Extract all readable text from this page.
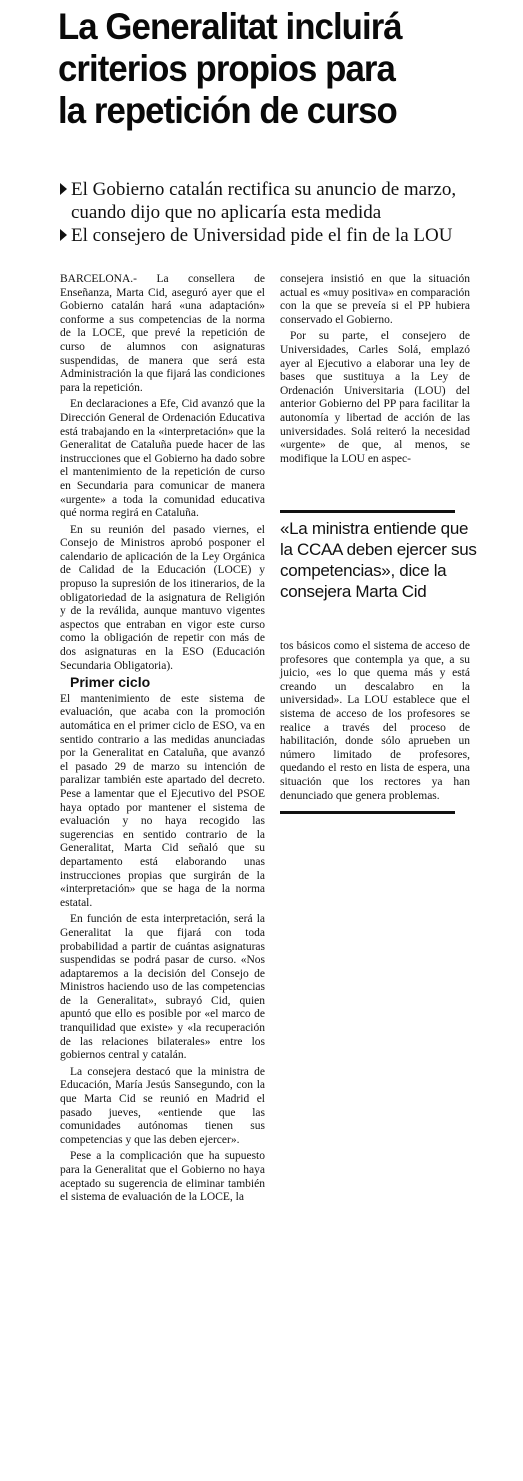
La Generalitat incluirá
criterios propios para
la repetición de curso
El Gobierno catalán rectifica su anuncio de marzo, cuando dijo que no aplicaría esta medida
El consejero de Universidad pide el fin de la LOU

BARCELONA.- La consellera de Enseñanza, Marta Cid, aseguró ayer que el Gobierno catalán hará «una adaptación» conforme a sus competencias de la norma de la LOCE, que prevé la repetición de curso de alumnos con asignaturas suspendidas, de manera que será esta Administración la que fijará las condiciones para la repetición.

En declaraciones a Efe, Cid avanzó que la Dirección General de Ordenación Educativa está trabajando en la «interpretación» que la Generalitat de Cataluña puede hacer de las instrucciones que el Gobierno ha dado sobre el mantenimiento de la repetición de curso en Secundaria para comunicar de manera «urgente» a toda la comunidad educativa qué norma regirá en Cataluña.

En su reunión del pasado viernes, el Consejo de Ministros aprobó posponer el calendario de aplicación de la Ley Orgánica de Calidad de la Educación (LOCE) y propuso la supresión de los itinerarios, de la obligatoriedad de la asignatura de Religión y de la reválida, aunque mantuvo vigentes aspectos que entraban en vigor este curso como la obligación de repetir con más de dos asignaturas en la ESO (Educación Secundaria Obligatoria).

Primer ciclo

El mantenimiento de este sistema de evaluación, que acaba con la promoción automática en el primer ciclo de ESO, va en sentido contrario a las medidas anunciadas por la Generalitat en Cataluña, que avanzó el pasado 29 de marzo su intención de paralizar también este apartado del decreto. Pese a lamentar que el Ejecutivo del PSOE haya optado por mantener el sistema de evaluación y no haya recogido las sugerencias en sentido contrario de la Generalitat, Marta Cid señaló que su departamento está elaborando unas instrucciones propias que surgirán de la «interpretación» que se haga de la norma estatal.

En función de esta interpretación, será la Generalitat la que fijará con toda probabilidad a partir de cuántas asignaturas suspendidas se podrá pasar de curso. «Nos adaptaremos a la decisión del Consejo de Ministros haciendo uso de las competencias de la Generalitat», subrayó Cid, quien apuntó que ello es posible por «el marco de tranquilidad que existe» y «la recuperación de las relaciones bilaterales» entre los gobiernos central y catalán.

La consejera destacó que la ministra de Educación, María Jesús Sansegundo, con la que Marta Cid se reunió en Madrid el pasado jueves, «entiende que las comunidades autónomas tienen sus competencias y que las deben ejercer».

Pese a la complicación que ha supuesto para la Generalitat que el Gobierno no haya aceptado su sugerencia de eliminar también el sistema de evaluación de la LOCE, la

consejera insistió en que la situación actual es «muy positiva» en comparación con la que se preveía si el PP hubiera conservado el Gobierno.

Por su parte, el consejero de Universidades, Carles Solá, emplazó ayer al Ejecutivo a elaborar una ley de bases que sustituya a la Ley de Ordenación Universitaria (LOU) del anterior Gobierno del PP para facilitar la autonomía y libertad de acción de las universidades. Solá reiteró la necesidad «urgente» de que, al menos, se modifique la LOU en aspec-

«La ministra entiende que la CCAA deben ejercer sus competencias», dice la consejera Marta Cid

tos básicos como el sistema de acceso de profesores que contempla ya que, a su juicio, «es lo que quema más y está creando un descalabro en la universidad». La LOU establece que el sistema de acceso de los profesores se realice a través del proceso de habilitación, donde sólo aprueben un número limitado de profesores, quedando el resto en lista de espera, una situación que los rectores ya han denunciado que genera problemas.
